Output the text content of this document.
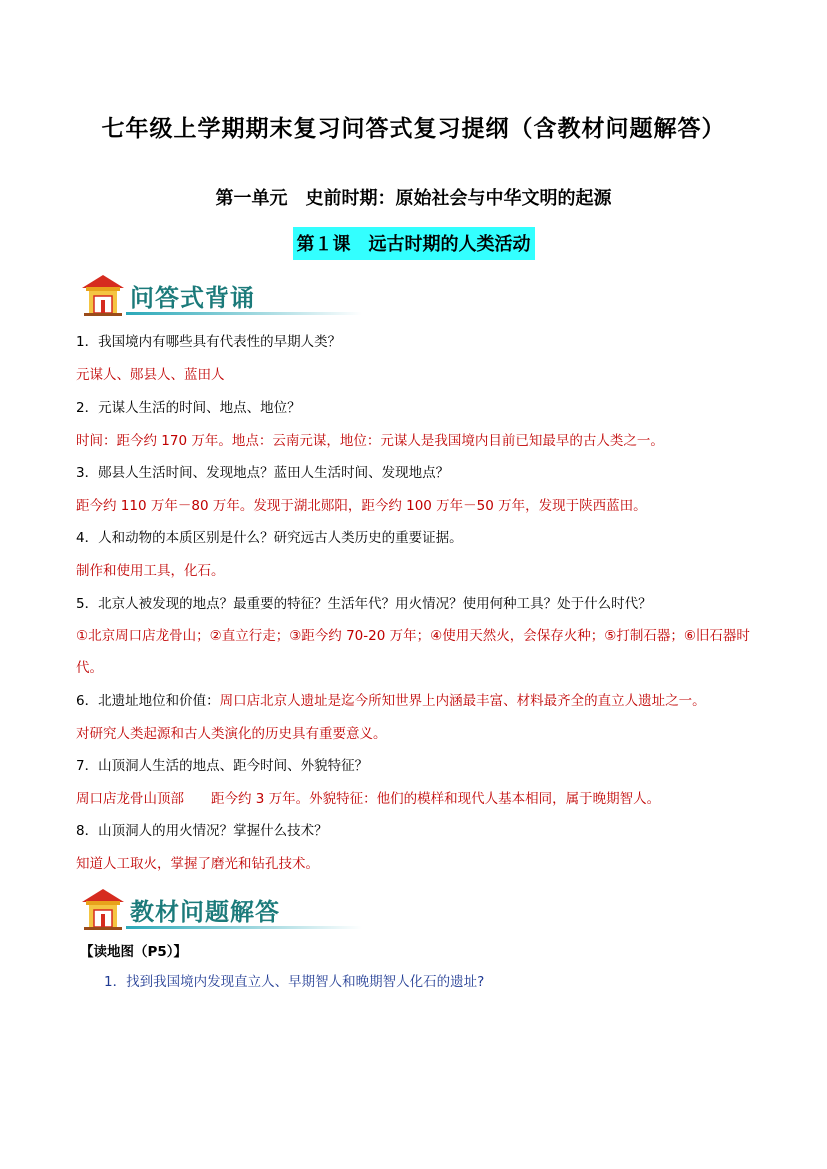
七年级上学期期末复习问答式复习提纲（含教材问题解答）
第一单元　史前时期：原始社会与中华文明的起源
第１课　远古时期的人类活动
问答式背诵
1．我国境内有哪些具有代表性的早期人类？
元谋人、郧县人、蓝田人
2．元谋人生活的时间、地点、地位？
时间：距今约 170 万年。地点：云南元谋，地位：元谋人是我国境内目前已知最早的古人类之一。
3．郧县人生活时间、发现地点？蓝田人生活时间、发现地点？
距今约 110 万年－80 万年。发现于湖北郧阳，距今约 100 万年－50 万年，发现于陕西蓝田。
4．人和动物的本质区别是什么？研究远古人类历史的重要证据。
制作和使用工具，化石。
5．北京人被发现的地点？最重要的特征？生活年代？用火情况？使用何种工具？处于什么时代？
①北京周口店龙骨山；②直立行走；③距今约 70-20 万年；④使用天然火，会保存火种；⑤打制石器；⑥旧石器时代。
6．北遗址地位和价值：周口店北京人遗址是迄今所知世界上内涵最丰富、材料最齐全的直立人遗址之一。
对研究人类起源和古人类演化的历史具有重要意义。
7．山顶洞人生活的地点、距今时间、外貌特征？
周口店龙骨山顶部　　距今约 3 万年。外貌特征：他们的模样和现代人基本相同，属于晚期智人。
8．山顶洞人的用火情况？掌握什么技术？
知道人工取火，掌握了磨光和钻孔技术。
教材问题解答
【读地图（P5）】
1．找到我国境内发现直立人、早期智人和晚期智人化石的遗址?
